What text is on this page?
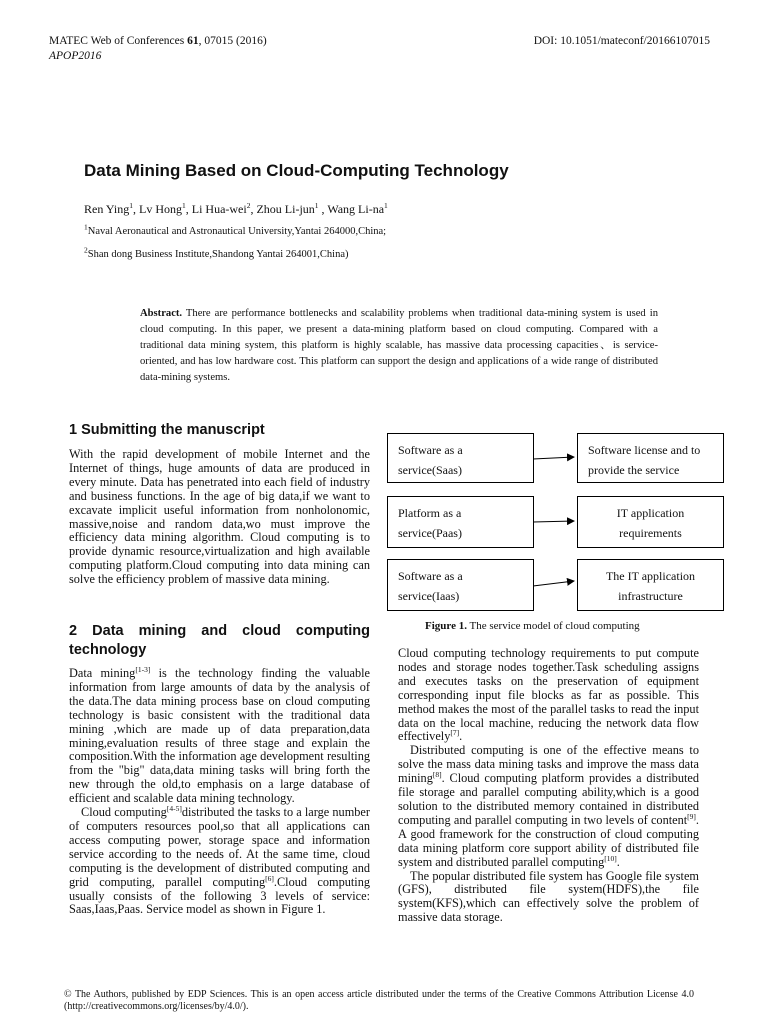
MATEC Web of Conferences 61, 07015 (2016)
APOP2016
DOI: 10.1051/mateconf/20166107015
Data Mining Based on Cloud-Computing Technology
Ren Ying$^1$, Lv Hong$^1$, Li Hua-wei$^2$, Zhou Li-jun$^1$ , Wang $Li-na^1$
$^1$Naval Aeronautical and Astronautical University,Yantai 264000,China;
$^2$Shan dong Business Institute,Shandong Yantai 264001,China)
Abstract. There are performance bottlenecks and scalability problems when traditional data-mining system is used in cloud computing. In this paper, we present a data-mining platform based on cloud computing. Compared with a traditional data mining system, this platform is highly scalable, has massive data processing capacities、is service-oriented, and has low hardware cost. This platform can support the design and applications of a wide range of distributed data-mining systems.
1 Submitting the manuscript

With the rapid development of mobile Internet and the Internet of things, huge amounts of data are produced in every minute. Data has penetrated into each field of industry and business functions. In the age of big data,if we want to excavate implicit useful information from nonholonomic, massive,noise and random data,wo must improve the efficiency data mining algorithm. Cloud computing is to provide dynamic resource,virtualization and high available computing platform.Cloud computing into data mining can solve the efficiency problem of massive data mining.

2 Data mining and cloud computing technology

Data mining[1-3] is the technology finding the valuable information from large amounts of data by the analysis of the data.The data mining process base on cloud computing technology is basic consistent with the traditional data mining ,which are made up of data preparation,data mining,evaluation results of three stage and explain the composition.With the information age development resulting from the "big" data,data mining tasks will bring forth the new through the old,to emphasis on a large database of efficient and scalable data mining technology.

Cloud computing[4-5]distributed the tasks to a large number of computers resources pool,so that all applications can access computing power, storage space and information service according to the needs of. At the same time, cloud computing is the development of distributed computing and grid computing, parallel computing[6].Cloud computing usually consists of the following 3 levels of service: Saas,Iaas,Paas. Service model as shown in Figure 1.

Software as a
service(Saas)
Platform as a
service(Paas)
Software as a
service(Iaas)
Software license and to
provide the service
IT application
requirements
The IT application
infrastructure
Figure 1. The service model of cloud computing

Cloud computing technology requirements to put compute nodes and storage nodes together.Task scheduling assigns and executes tasks on the preservation of equipment corresponding input file blocks as far as possible. This method makes the most of the parallel tasks to read the input data on the local machine, reducing the network data flow effectively[7].

Distributed computing is one of the effective means to solve the mass data mining tasks and improve the mass data mining[8]. Cloud computing platform provides a distributed file storage and parallel computing ability,which is a good solution to the distributed memory contained in distributed computing and parallel computing in two levels of content[9]. A good framework for the construction of cloud computing data mining platform core support ability of distributed file system and distributed parallel computing[10].

The popular distributed file system has Google file system (GFS), distributed file system(HDFS),the file system(KFS),which can effectively solve the problem of massive data storage.

© The Authors, published by EDP Sciences. This is an open access article distributed under the terms of the Creative Commons Attribution License 4.0 (http://creativecommons.org/licenses/by/4.0/).
